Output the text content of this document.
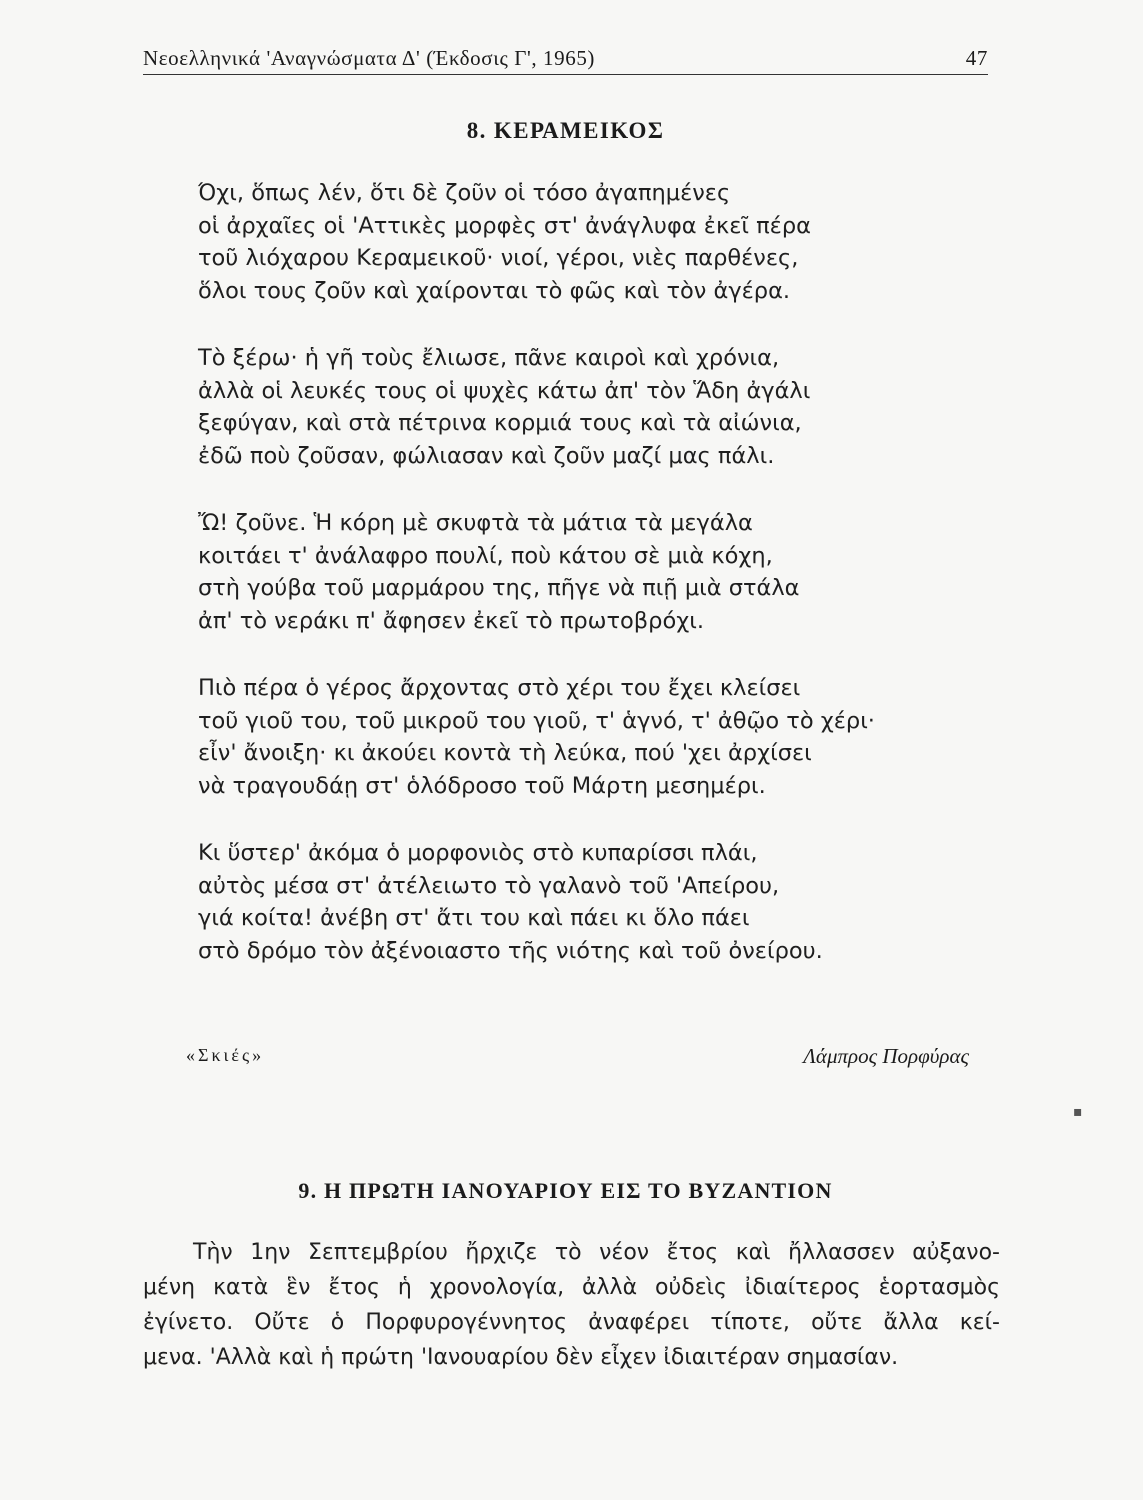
Νεοελληνικά 'Αναγνώσματα Δ' (Έκδοσις Γ', 1965)	47
8. ΚΕΡΑΜΕΙΚΟΣ
Όχι, ὅπως λέν, ὅτι δὲ ζοῦν οἱ τόσο ἀγαπημένες
οἱ ἀρχαῖες οἱ 'Αττικὲς μορφὲς στ' ἀνάγλυφα ἐκεῖ πέρα
τοῦ λιόχαρου Κεραμεικοῦ· νιοί, γέροι, νιὲς παρθένες,
ὅλοι τους ζοῦν καὶ χαίρονται τὸ φῶς καὶ τὸν ἀγέρα.
Τὸ ξέρω· ἡ γῆ τοὺς ἔλιωσε, πᾶνε καιροὶ καὶ χρόνια,
ἀλλὰ οἱ λευκές τους οἱ ψυχὲς κάτω ἀπ' τὸν Ἅδη ἀγάλι
ξεφύγαν, καὶ στὰ πέτρινα κορμιά τους καὶ τὰ αἰώνια,
ἐδῶ ποὺ ζοῦσαν, φώλιασαν καὶ ζοῦν μαζί μας πάλι.
Ὤ! ζοῦνε. Ἡ κόρη μὲ σκυφτὰ τὰ μάτια τὰ μεγάλα
κοιτάει τ' ἀνάλαφρο πουλί, ποὺ κάτου σὲ μιὰ κόχη,
στὴ γούβα τοῦ μαρμάρου της, πῆγε νὰ πιῇ μιὰ στάλα
ἀπ' τὸ νεράκι π' ἄφησεν ἐκεῖ τὸ πρωτοβρόχι.
Πιὸ πέρα ὁ γέρος ἄρχοντας στὸ χέρι του ἔχει κλείσει
τοῦ γιοῦ του, τοῦ μικροῦ του γιοῦ, τ' ἁγνό, τ' ἀθῷο τὸ χέρι·
εἶν' ἄνοιξη· κι ἀκούει κοντὰ τὴ λεύκα, πού 'χει ἀρχίσει
νὰ τραγουδάῃ στ' ὁλόδροσο τοῦ Μάρτη μεσημέρι.
Κι ὕστερ' ἀκόμα ὁ μορφονιὸς στὸ κυπαρίσσι πλάι,
αὐτὸς μέσα στ' ἀτέλειωτο τὸ γαλανὸ τοῦ 'Απείρου,
γιά κοίτα! ἀνέβη στ' ἄτι του καὶ πάει κι ὅλο πάει
στὸ δρόμο τὸν ἀξένοιαστο τῆς νιότης καὶ τοῦ ὀνείρου.
«Σκιές»	Λάμπρος Πορφύρας
▪
9. Η ΠΡΩΤΗ ΙΑΝΟΥΑΡΙΟΥ ΕΙΣ ΤΟ ΒΥΖΑΝΤΙΟΝ
Τὴν 1ην Σεπτεμβρίου ἤρχιζε τὸ νέον ἔτος καὶ ἤλλασσεν αὐξανο-
μένη κατὰ ἓν ἔτος ἡ χρονολογία, ἀλλὰ οὐδεὶς ἰδιαίτερος ἑορτασμὸς
ἐγίνετο. Οὔτε ὁ Πορφυρογέννητος ἀναφέρει τίποτε, οὔτε ἄλλα κεί-
μενα. 'Αλλὰ καὶ ἡ πρώτη 'Ιανουαρίου δὲν εἶχεν ἰδιαιτέραν σημασίαν.
